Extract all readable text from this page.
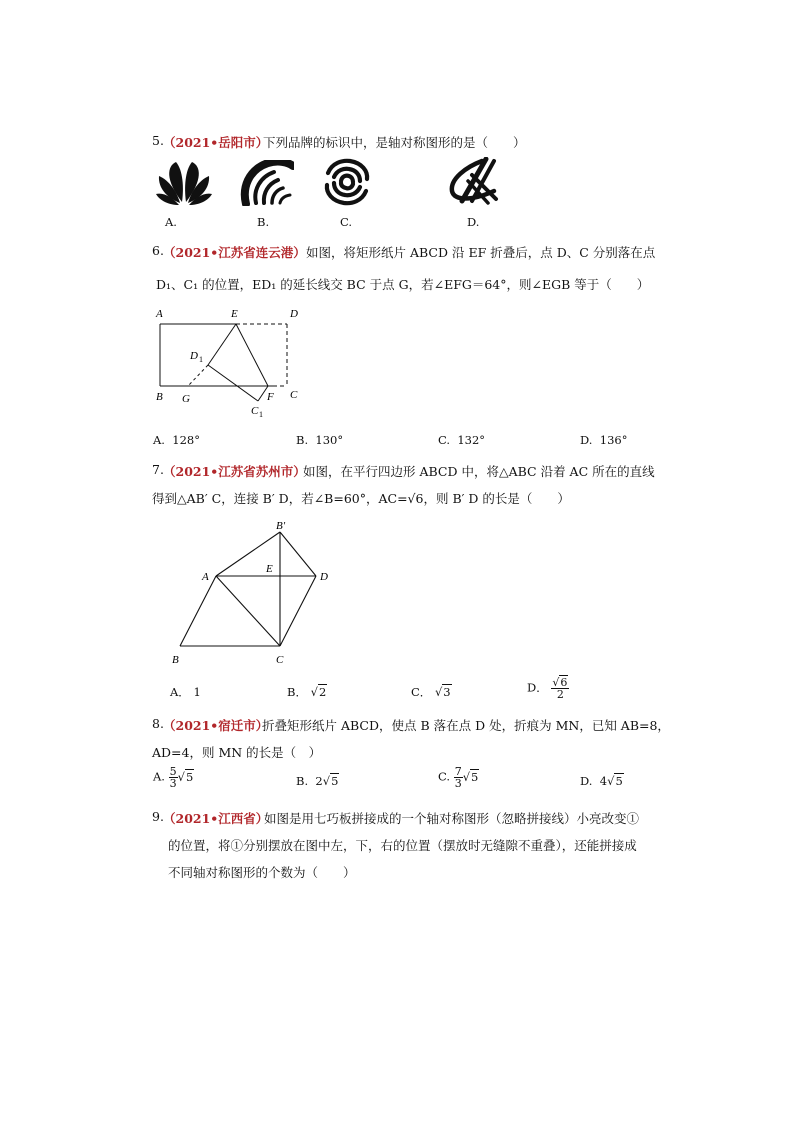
5. （2021•岳阳市）
下列品牌的标识中，是轴对称图形的是（　　）
A.	B.	C.	D.
6. （2021•江苏省连云港） 如图，将矩形纸片 ABCD 沿 EF 折叠后，点 D、C 分别落在点
D₁、C₁ 的位置，ED₁ 的延长线交 BC 于点 G，若∠EFG＝64°，则∠EGB 等于（　　）
A	E	D
D 1
B G	F C
C 1
A. 128°	B. 130°	C. 132°	D. 136°
7. （2021•江苏省苏州市）
如图，在平行四边形 ABCD 中，将△ABC 沿着 AC 所在的直线
得到△AB′ C，连接 B′ D，若∠B=60°，AC=√6，则 B′ D 的长是（　　）
B′
A
E
D
B	C
A． 1	B． √ 2	C． √ 3	D． √ $\frac{6}{2}$
8. （2021•宿迁市）
折叠矩形纸片 ABCD，使点 B 落在点 D 处，折痕为 MN，已知 AB=8，
AD=4，则 MN 的长是（　）
A. $\frac{5}{3}$ √ 5	B. 2 √ 5	C. $\frac{7}{3}$ √ 5	D. 4 √ 5
9. （2021•江西省）
如图是用七巧板拼接成的一个轴对称图形（忽略拼接线）小亮改变①
的位置，将①分别摆放在图中左，下，右的位置（摆放时无缝隙不重叠），还能拼接成
不同轴对称图形的个数为（　　）
